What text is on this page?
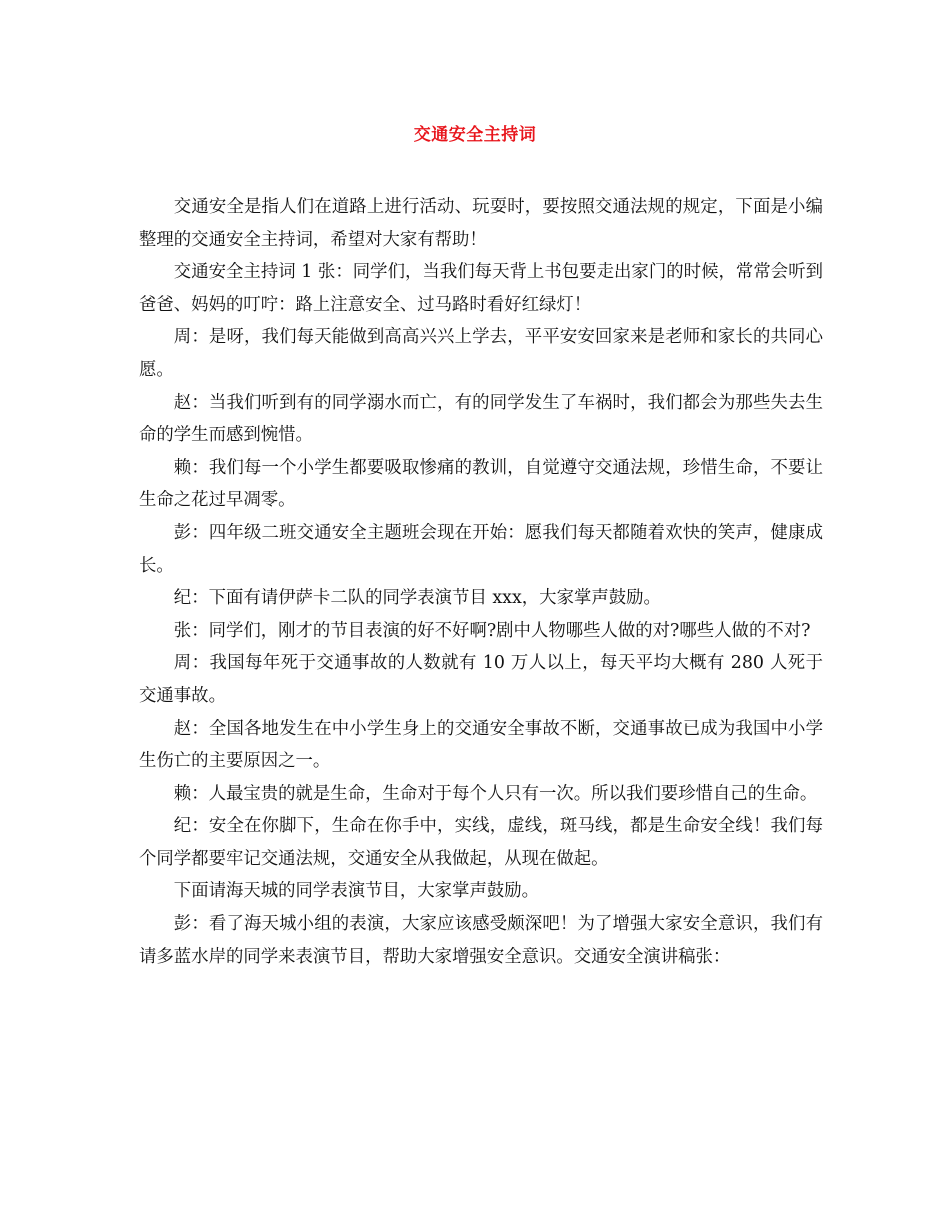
交通安全主持词

交通安全是指人们在道路上进行活动、玩耍时，要按照交通法规的规定，下面是小编整理的交通安全主持词，希望对大家有帮助！

交通安全主持词 1 张：同学们，当我们每天背上书包要走出家门的时候，常常会听到爸爸、妈妈的叮咛：路上注意安全、过马路时看好红绿灯！

周：是呀，我们每天能做到高高兴兴上学去，平平安安回家来是老师和家长的共同心愿。

赵：当我们听到有的同学溺水而亡，有的同学发生了车祸时，我们都会为那些失去生命的学生而感到惋惜。

赖：我们每一个小学生都要吸取惨痛的教训，自觉遵守交通法规，珍惜生命，不要让生命之花过早凋零。

彭：四年级二班交通安全主题班会现在开始：愿我们每天都随着欢快的笑声，健康成长。

纪：下面有请伊萨卡二队的同学表演节目 xxx，大家掌声鼓励。

张：同学们，刚才的节目表演的好不好啊?剧中人物哪些人做的对?哪些人做的不对?

周：我国每年死于交通事故的人数就有 10 万人以上，每天平均大概有 280 人死于交通事故。

赵：全国各地发生在中小学生身上的交通安全事故不断，交通事故已成为我国中小学生伤亡的主要原因之一。

赖：人最宝贵的就是生命，生命对于每个人只有一次。所以我们要珍惜自己的生命。

纪：安全在你脚下，生命在你手中，实线，虚线，斑马线，都是生命安全线！我们每个同学都要牢记交通法规，交通安全从我做起，从现在做起。

下面请海天城的同学表演节目，大家掌声鼓励。

彭：看了海天城小组的表演，大家应该感受颇深吧！为了增强大家安全意识，我们有请多蓝水岸的同学来表演节目，帮助大家增强安全意识。交通安全演讲稿张：
